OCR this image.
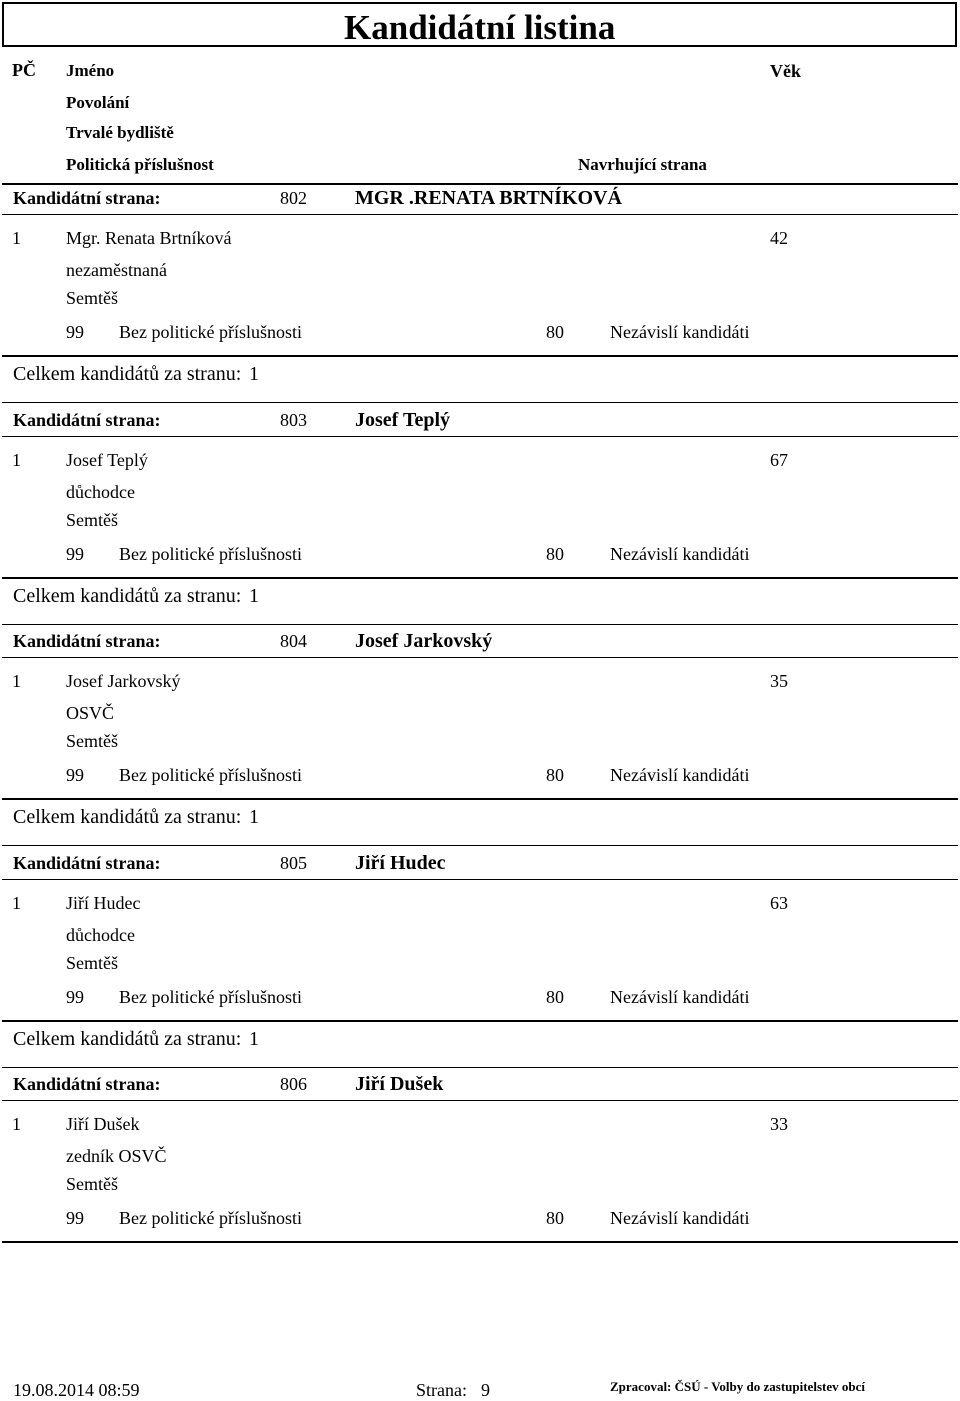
Kandidátní listina
PČ Jméno	Věk
Povolání
Trvalé bydliště
Politická příslušnost	Navrhující strana
Kandidátní strana:	802 MGR .RENATA BRTNÍKOVÁ
1	Mgr. Renata Brtníková	42
nezaměstnaná
Semtěš
99 Bez politické příslušnosti	80	Nezávislí kandidáti
Celkem kandidátů za stranu: 1
Kandidátní strana:	803 Josef Teplý
1	Josef Teplý	67
důchodce
Semtěš
99 Bez politické příslušnosti	80	Nezávislí kandidáti
Celkem kandidátů za stranu: 1
Kandidátní strana:	804 Josef Jarkovský
1	Josef Jarkovský	35
OSVČ
Semtěš
99 Bez politické příslušnosti	80	Nezávislí kandidáti
Celkem kandidátů za stranu: 1
Kandidátní strana:	805 Jiří Hudec
1	Jiří Hudec	63
důchodce
Semtěš
99 Bez politické příslušnosti	80	Nezávislí kandidáti
Celkem kandidátů za stranu: 1
Kandidátní strana:	806 Jiří Dušek
1	Jiří Dušek	33
zedník OSVČ
Semtěš
99 Bez politické příslušnosti	80	Nezávislí kandidáti
19.08.2014 08:59	Strana: 9	Zpracoval: ČSÚ - Volby do zastupitelstev obcí
